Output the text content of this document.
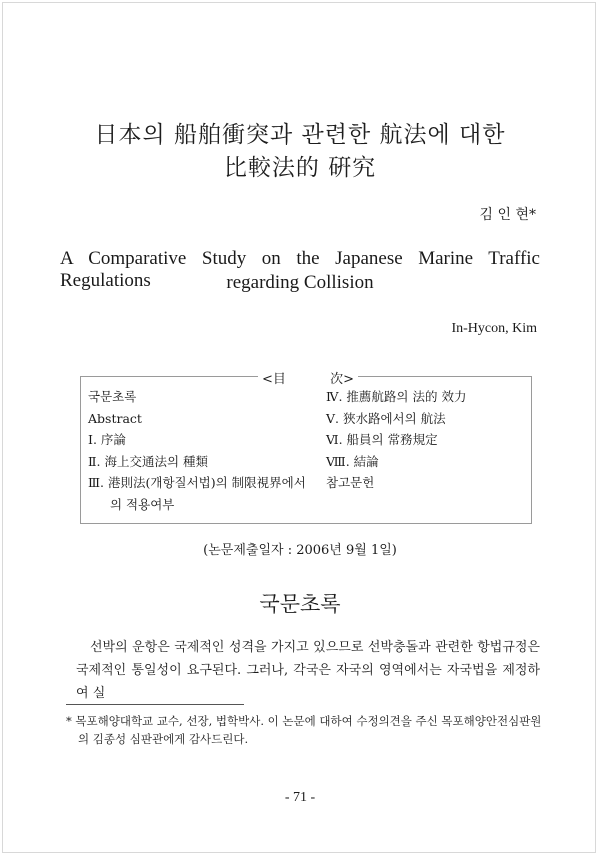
日本의 船舶衝突과 관련한 航法에 대한
比較法的 硏究
김 인 현*
A Comparative Study on the Japanese Marine Traffic Regulations	regarding Collision
In-Hycon, Kim
<目	次>
국문초록
Abstract
Ⅰ. 序論
Ⅱ. 海上交通法의 種類
Ⅲ. 港則法(개항질서법)의 制限視界에서
의 적용여부
Ⅳ. 推薦航路의 法的 效力
Ⅴ. 狹水路에서의 航法
Ⅵ. 船員의 常務規定
Ⅷ. 結論
참고문헌
(논문제출일자 : 2006년 9월 1일)
국문초록
선박의 운항은 국제적인 성격을 가지고 있으므로 선박충돌과 관련한 항법규정은 국제적인 통일성이 요구된다. 그러나, 각국은 자국의 영역에서는 자국법을 제정하여 실
* 목포해양대학교 교수, 선장, 법학박사. 이 논문에 대하여 수정의견을 주신 목포해양안전심판원
의 김종성 심판관에게 감사드린다.
- 71 -
